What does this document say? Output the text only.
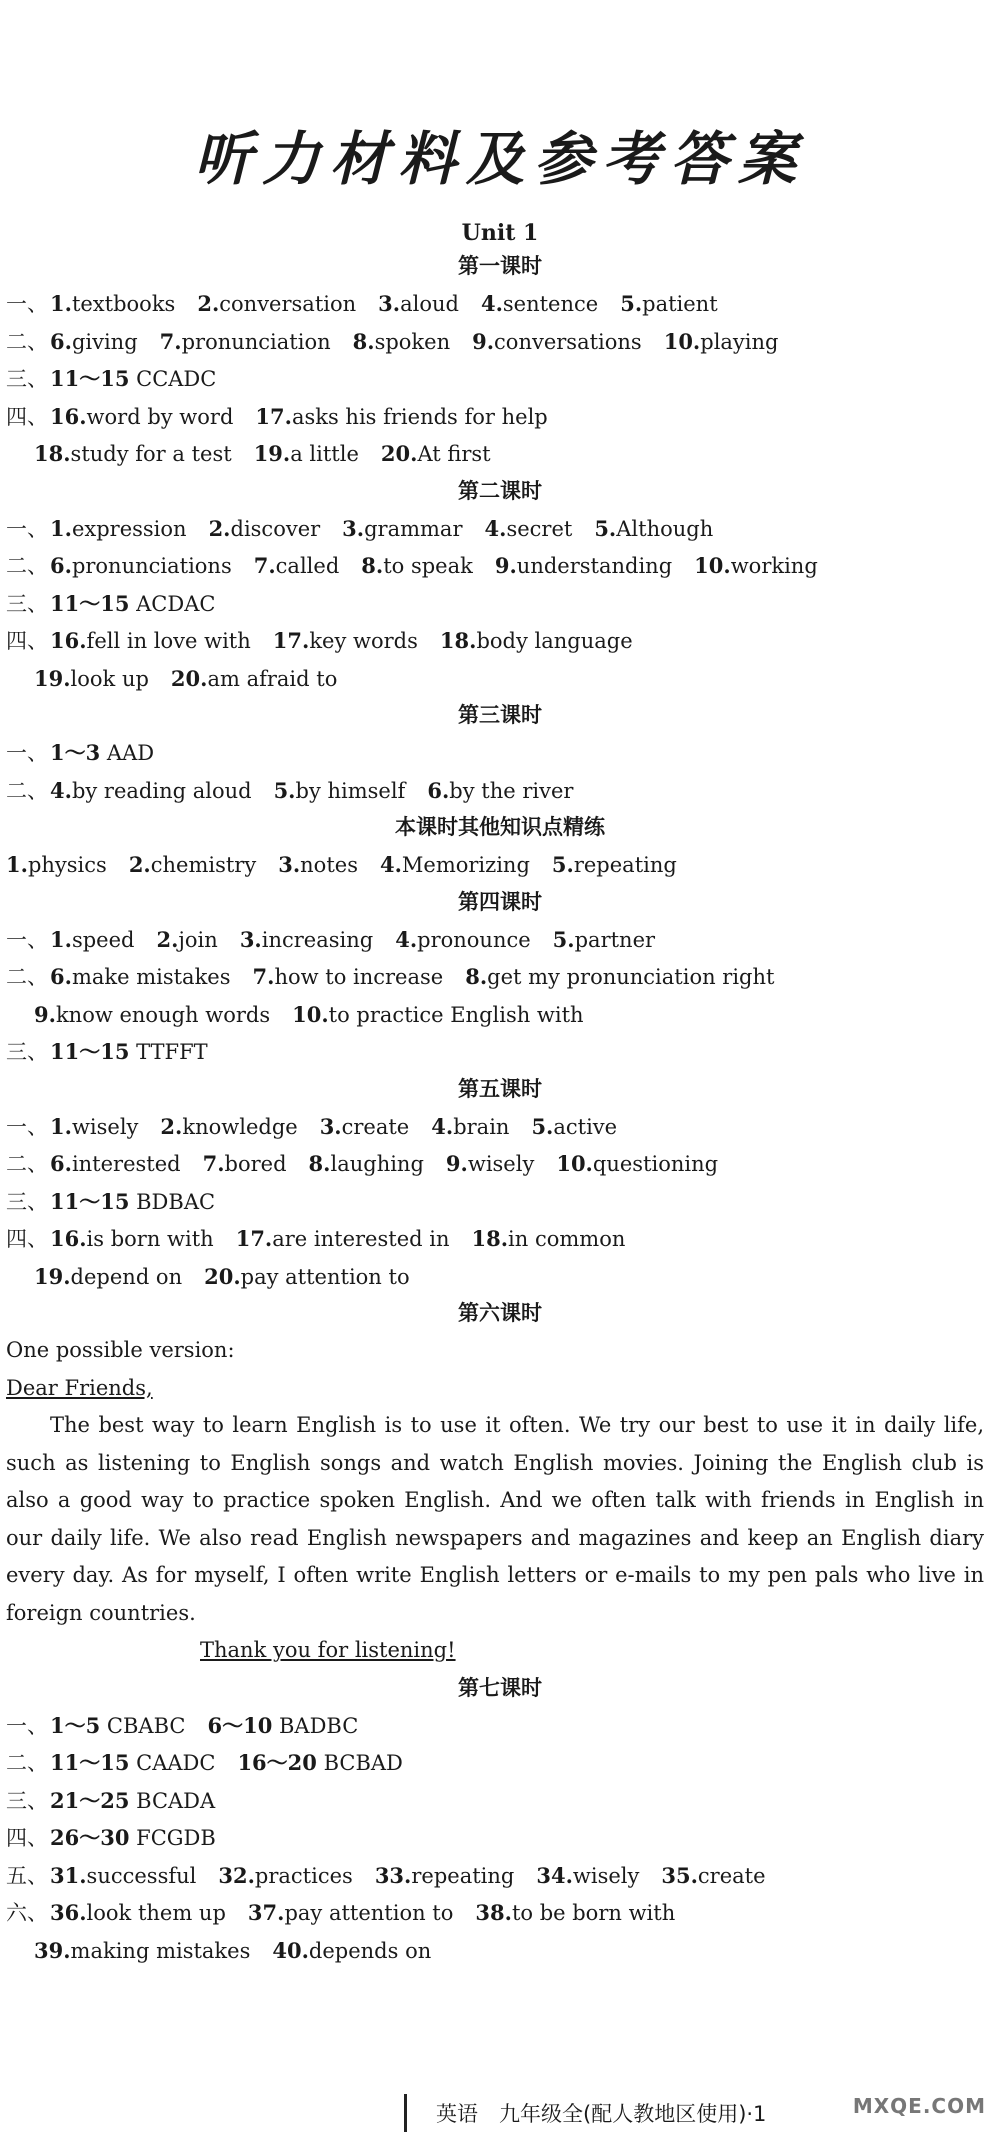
听力材料及参考答案
Unit 1
第一课时
一、1.textbooks 2.conversation 3.aloud 4.sentence 5.patient
二、6.giving 7.pronunciation 8.spoken 9.conversations 10.playing
三、11～15 CCADC
四、16.word by word 17.asks his friends for help
18.study for a test 19.a little 20.At first
第二课时
一、1.expression 2.discover 3.grammar 4.secret 5.Although
二、6.pronunciations 7.called 8.to speak 9.understanding 10.working
三、11～15 ACDAC
四、16.fell in love with 17.key words 18.body language
19.look up 20.am afraid to
第三课时
一、1～3 AAD
二、4.by reading aloud 5.by himself 6.by the river
本课时其他知识点精练
1.physics 2.chemistry 3.notes 4.Memorizing 5.repeating
第四课时
一、1.speed 2.join 3.increasing 4.pronounce 5.partner
二、6.make mistakes 7.how to increase 8.get my pronunciation right
9.know enough words 10.to practice English with
三、11～15 TTFFT
第五课时
一、1.wisely 2.knowledge 3.create 4.brain 5.active
二、6.interested 7.bored 8.laughing 9.wisely 10.questioning
三、11～15 BDBAC
四、16.is born with 17.are interested in 18.in common
19.depend on 20.pay attention to
第六课时
One possible version:
Dear Friends,
The best way to learn English is to use it often. We try our best to use it in daily life, such as listening to English songs and watch English movies. Joining the English club is also a good way to practice spoken English. And we often talk with friends in English in our daily life. We also read English newspapers and magazines and keep an English diary every day. As for myself, I often write English letters or e-mails to my pen pals who live in foreign countries.
Thank you for listening!
第七课时
一、1～5 CBABC 6～10 BADBC
二、11～15 CAADC 16～20 BCBAD
三、21～25 BCADA
四、26～30 FCGDB
五、31.successful 32.practices 33.repeating 34.wisely 35.create
六、36.look them up 37.pay attention to 38.to be born with
39.making mistakes 40.depends on
英语　九年级全(配人教地区使用)·1	MXQE.COM
